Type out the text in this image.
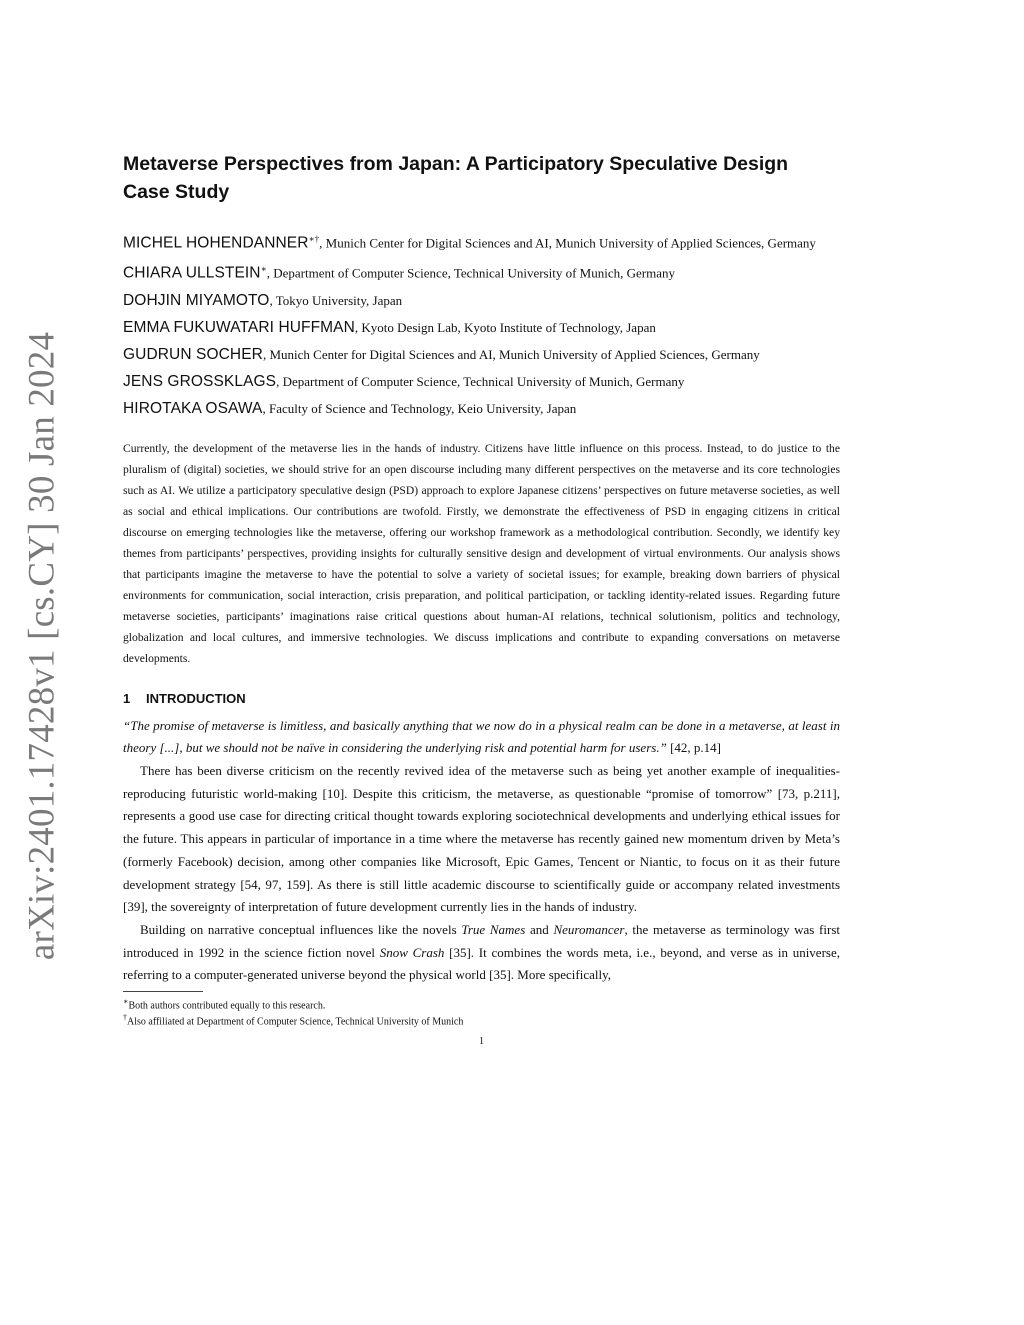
arXiv:2401.17428v1 [cs.CY] 30 Jan 2024
Metaverse Perspectives from Japan: A Participatory Speculative Design Case Study
MICHEL HOHENDANNER∗†, Munich Center for Digital Sciences and AI, Munich University of Applied Sciences, Germany
CHIARA ULLSTEIN∗, Department of Computer Science, Technical University of Munich, Germany
DOHJIN MIYAMOTO, Tokyo University, Japan
EMMA FUKUWATARI HUFFMAN, Kyoto Design Lab, Kyoto Institute of Technology, Japan
GUDRUN SOCHER, Munich Center for Digital Sciences and AI, Munich University of Applied Sciences, Germany
JENS GROSSKLAGS, Department of Computer Science, Technical University of Munich, Germany
HIROTAKA OSAWA, Faculty of Science and Technology, Keio University, Japan

Currently, the development of the metaverse lies in the hands of industry. Citizens have little influence on this process. Instead, to do justice to the pluralism of (digital) societies, we should strive for an open discourse including many different perspectives on the metaverse and its core technologies such as AI. We utilize a participatory speculative design (PSD) approach to explore Japanese citizens’ perspectives on future metaverse societies, as well as social and ethical implications. Our contributions are twofold. Firstly, we demonstrate the effectiveness of PSD in engaging citizens in critical discourse on emerging technologies like the metaverse, offering our workshop framework as a methodological contribution. Secondly, we identify key themes from participants’ perspectives, providing insights for culturally sensitive design and development of virtual environments. Our analysis shows that participants imagine the metaverse to have the potential to solve a variety of societal issues; for example, breaking down barriers of physical environments for communication, social interaction, crisis preparation, and political participation, or tackling identity-related issues. Regarding future metaverse societies, participants’ imaginations raise critical questions about human-AI relations, technical solutionism, politics and technology, globalization and local cultures, and immersive technologies. We discuss implications and contribute to expanding conversations on metaverse developments.

1 INTRODUCTION
“The promise of metaverse is limitless, and basically anything that we now do in a physical realm can be done in a metaverse, at least in theory [...], but we should not be naïve in considering the underlying risk and potential harm for users.” [42, p.14]

There has been diverse criticism on the recently revived idea of the metaverse such as being yet another example of inequalities-reproducing futuristic world-making [10]. Despite this criticism, the metaverse, as questionable “promise of tomorrow” [73, p.211], represents a good use case for directing critical thought towards exploring sociotechnical developments and underlying ethical issues for the future. This appears in particular of importance in a time where the metaverse has recently gained new momentum driven by Meta’s (formerly Facebook) decision, among other companies like Microsoft, Epic Games, Tencent or Niantic, to focus on it as their future development strategy [54, 97, 159]. As there is still little academic discourse to scientifically guide or accompany related investments [39], the sovereignty of interpretation of future development currently lies in the hands of industry.

Building on narrative conceptual influences like the novels True Names and Neuromancer, the metaverse as terminology was first introduced in 1992 in the science fiction novel Snow Crash [35]. It combines the words meta, i.e., beyond, and verse as in universe, referring to a computer-generated universe beyond the physical world [35]. More specifically,

∗Both authors contributed equally to this research.
†Also affiliated at Department of Computer Science, Technical University of Munich
1
